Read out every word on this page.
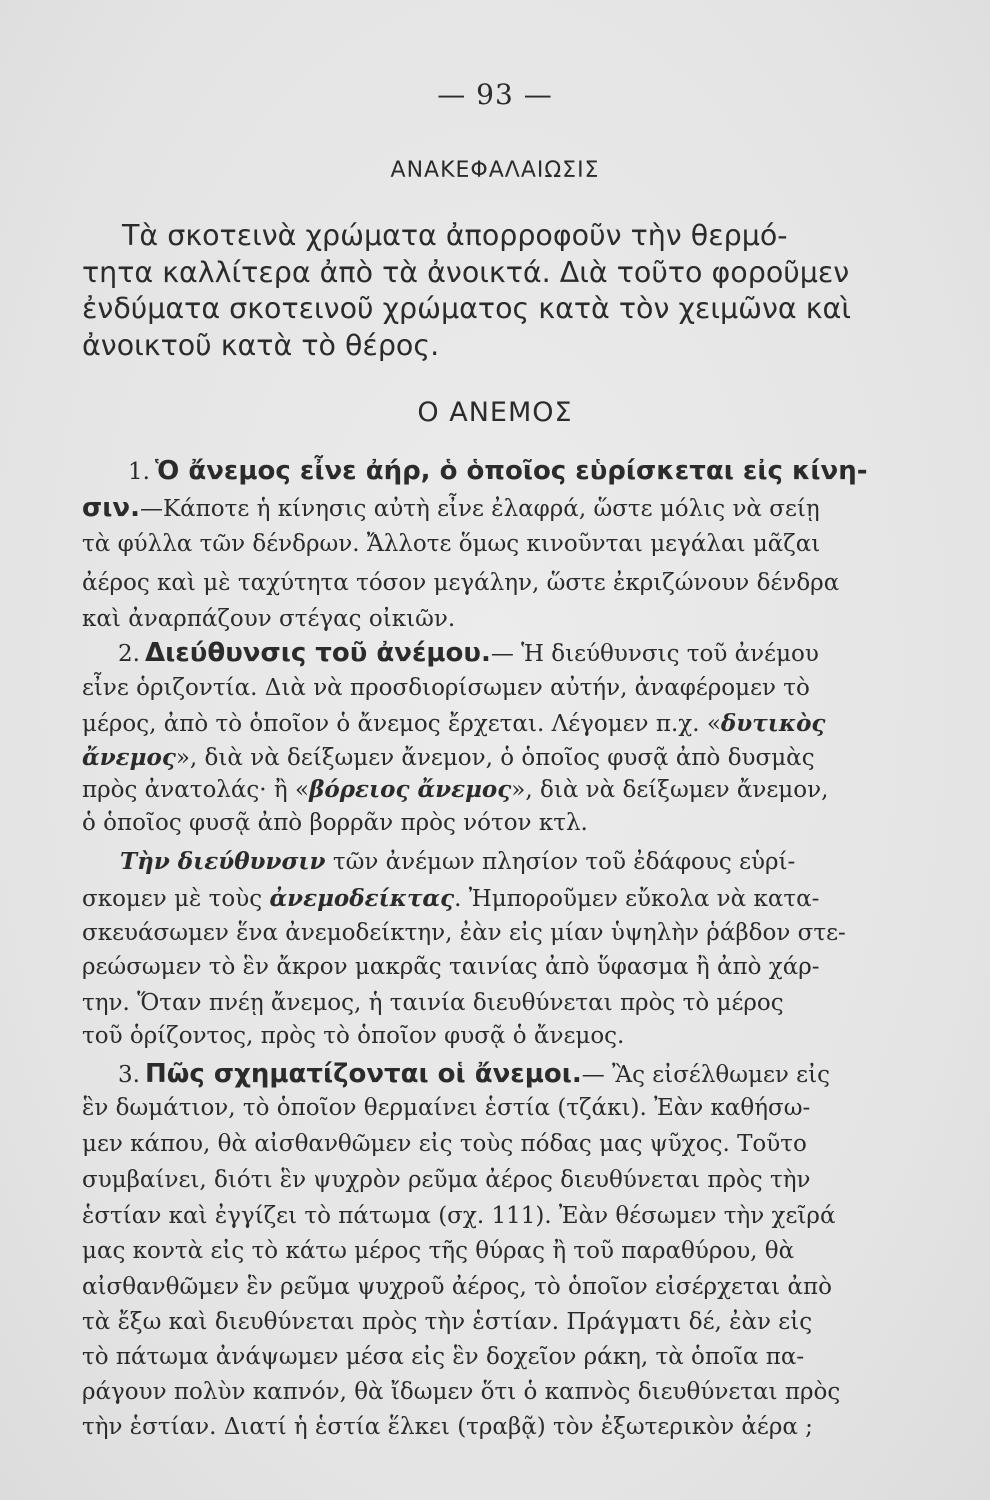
— 93 —
ΑΝΑΚΕΦΑΛΑΙΩΣΙΣ
Τὰ σκοτεινὰ χρώματα ἀπορροφοῦν τὴν θερμό-
τητα καλλίτερα ἀπὸ τὰ ἀνοικτά. Διὰ τοῦτο φοροῦμεν
ἐνδύματα σκοτεινοῦ χρώματος κατὰ τὸν χειμῶνα καὶ
ἀνοικτοῦ κατὰ τὸ θέρος.
Ο ΑΝΕΜΟΣ
1. Ὁ ἄνεμος εἶνε ἀήρ, ὁ ὁποῖος εὑρίσκεται εἰς κίνη-
σιν.—Κάποτε ἡ κίνησις αὐτὴ εἶνε ἐλαφρά, ὥστε μόλις νὰ σείῃ
τὰ φύλλα τῶν δένδρων. Ἄλλοτε ὅμως κινοῦνται μεγάλαι μᾶζαι
ἀέρος καὶ μὲ ταχύτητα τόσον μεγάλην, ὥστε ἐκριζώνουν δένδρα
καὶ ἀναρπάζουν στέγας οἰκιῶν.
2. Διεύθυνσις τοῦ ἀνέμου.— Ἡ διεύθυνσις τοῦ ἀνέμου
εἶνε ὁριζοντία. Διὰ νὰ προσδιορίσωμεν αὐτήν, ἀναφέρομεν τὸ
μέρος, ἀπὸ τὸ ὁποῖον ὁ ἄνεμος ἔρχεται. Λέγομεν π.χ. «δυτικὸς
ἄνεμος», διὰ νὰ δείξωμεν ἄνεμον, ὁ ὁποῖος φυσᾷ ἀπὸ δυσμὰς
πρὸς ἀνατολάς· ἢ «βόρειος ἄνεμος», διὰ νὰ δείξωμεν ἄνεμον,
ὁ ὁποῖος φυσᾷ ἀπὸ βορρᾶν πρὸς νότον κτλ.
Τὴν διεύθυνσιν τῶν ἀνέμων πλησίον τοῦ ἐδάφους εὑρί-
σκομεν μὲ τοὺς ἀνεμοδείκτας. Ἠμποροῦμεν εὔκολα νὰ κατα-
σκευάσωμεν ἕνα ἀνεμοδείκτην, ἐὰν εἰς μίαν ὑψηλὴν ῥάβδον στε-
ρεώσωμεν τὸ ἓν ἄκρον μακρᾶς ταινίας ἀπὸ ὕφασμα ἢ ἀπὸ χάρ-
την. Ὅταν πνέῃ ἄνεμος, ἡ ταινία διευθύνεται πρὸς τὸ μέρος
τοῦ ὁρίζοντος, πρὸς τὸ ὁποῖον φυσᾷ ὁ ἄνεμος.
3. Πῶς σχηματίζονται οἱ ἄνεμοι.— Ἂς εἰσέλθωμεν εἰς
ἓν δωμάτιον, τὸ ὁποῖον θερμαίνει ἑστία (τζάκι). Ἐὰν καθήσω-
μεν κάπου, θὰ αἰσθανθῶμεν εἰς τοὺς πόδας μας ψῦχος. Τοῦτο
συμβαίνει, διότι ἓν ψυχρὸν ρεῦμα ἀέρος διευθύνεται πρὸς τὴν
ἑστίαν καὶ ἐγγίζει τὸ πάτωμα (σχ. 111). Ἐὰν θέσωμεν τὴν χεῖρά
μας κοντὰ εἰς τὸ κάτω μέρος τῆς θύρας ἢ τοῦ παραθύρου, θὰ
αἰσθανθῶμεν ἓν ρεῦμα ψυχροῦ ἀέρος, τὸ ὁποῖον εἰσέρχεται ἀπὸ
τὰ ἔξω καὶ διευθύνεται πρὸς τὴν ἑστίαν. Πράγματι δέ, ἐὰν εἰς
τὸ πάτωμα ἀνάψωμεν μέσα εἰς ἓν δοχεῖον ράκη, τὰ ὁποῖα πα-
ράγουν πολὺν καπνόν, θὰ ἴδωμεν ὅτι ὁ καπνὸς διευθύνεται πρὸς
τὴν ἑστίαν. Διατί ἡ ἑστία ἕλκει (τραβᾷ) τὸν ἐξωτερικὸν ἀέρα ;
